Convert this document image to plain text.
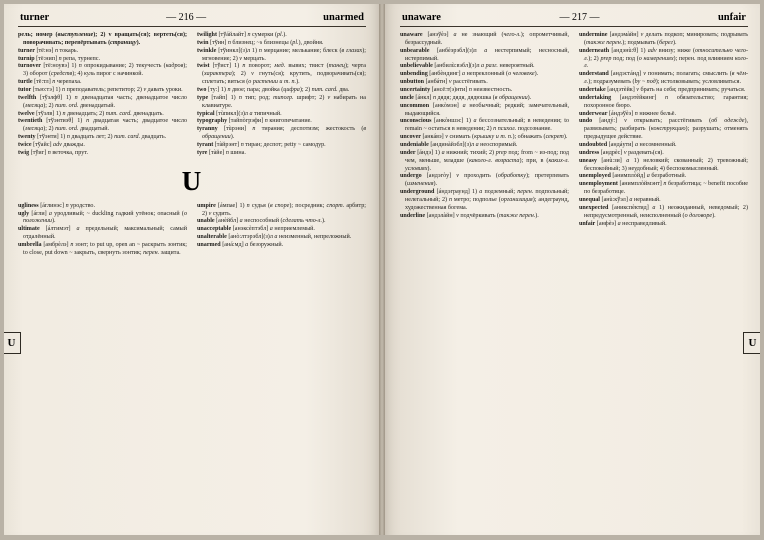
turner	— 216 —	unarmed
рель; номер (выступление); 2) v вращать(ся); вертеть(ся); поворачивать; перевёртывать (страницу).
turner [тё:нэ] n токарь.
turnip [тё:нип] n репа, турнепс.
turnover [тё:ноувэ] 1) n опрокидывание; 2) текучесть (кадров); 3) оборот (средств); 4) куль пирог с начинкой.
turtle [тё:тл] n черепаха.
tutor [тью:тэ] 1) n преподаватель; репетитор; 2) v давать уроки.
twelfth [тўэлфθ] 1) n двенадцатая часть; двенадцатое число (месяца); 2) num. ord. двенадцатый.
twelve [тўэлв] 1) n двенадцать; 2) num. card. двенадцать.
twentieth [тўэнтиэθ] 1) n двадцатая часть; двадцатое число (месяца); 2) num. ord. двадцатый.
twenty [тўэнти] 1) n двадцать лет; 2) num. card. двадцать.
twice [тўайс] adv дважды.
twig [тўиг] n веточка, прут.
twilight [тўáйлайт] n сумерки (pl.).
twin [тўин] n близнец; ~s близнецы (pl.), двойня.
twinkle [тўинкл](з)л 1) n мерцание; мелькание; блеск (в глазах); мгновение; 2) v мерцать.
twist [тўист] 1) n поворот; мед. вывих; твист (танец); черта (характера); 2) v гнуть(ся); крутить, подворачивать(ся); сплетать; виться (о растении и т. п.).
two [ту:] 1) n двое; пара; двойка (цифра); 2) num. card. два.
type [тайп] 1) n тип; род; типогр. шрифт; 2) v набирать на клавиатуре.
typical [тùпикл](з)л a типичный.
typography [тайпòгрэфи] n книгопечатание.
tyranny [тùрэни] n тирания; деспотизм; жестокость (в обращении).
tyrant [тàйрэнт] n тиран; деспот; petty ~ самодур.
tyre [тàйе] n шина.
U
ugliness [áглинэс] n уродство.
ugly [áгли] a уродливый; ~ duckling гадкий утёнок; опасный (о положении).
ultimate [áлтимэт] a предельный; максимальный; самый отдалённый.
umbrella [амбрèлэ] n зонт; to put up, open an ~ раскрыть зонтик; to close, put down ~ закрыть, свернуть зонтик; перен. защита.
umpire [áмпае] 1) n судья (в споре); посредник; спорт. арбитр; 2) v судить.
unable [анèйбл] a неспособный (сделать что-л.).
unacceptable [анэксèптэбл] a неприемлемый.
unalterable [анò:лтэрэбл](з)л a неизменный, непреложный.
unarmed [анá:мд] a безоружный.
U
unaware	— 217 —	unfair
unaware [анэўèэ] a не знающий (чего-л.); опрометчивый, безрассудный.
unbearable [анбèэрэбл](з)л a нестерпимый; несносный, истерпимый.
unbelievable [анбилù:вэбл](з)л a разг. невероятный.
unbending [анбèндинг] a непреклонный (о человеке).
unbutton [анбáтн] v расстёгивать.
uncertainty [ансё:т(э)нти] n неизвестность.
uncle [áнкл] n дядя; дядя, дядюшка (в обращении).
uncommon [анкòмэн] a необычный; редкий; замечательный, выдающийся.
unconscious [анкòншэс] 1) a бессознательный; в неведении; to remain ~ остаться в неведении; 2) n психол. подсознание.
uncover [анкáвэ] v снимать (крышку и т. п.); обнажать (секрет).
undeniable [андинàйэбл](з)л a неоспоримый.
under [áндэ] 1) a нижний; тихий; 2) prep под; from ~ из-под; под чем, меньше, младше (какого-л. возраста); при, в (каких-л. условиях).
undergo [андэгòу] v проходить (обработку); претерпевать (изменения).
underground [áндэграунд] 1) a подземный; перен. подпольный; нелегальный; 2) n метро; подполье (организация); андеграунд, художественная богема.
underline [андэлàйн] v подчёркивать (также перен.).
undermine [андэмàйн] v делать подкоп; минировать; подрывать (также перен.); подмывать (берег).
underneath [андэнù:θ] 1) adv внизу; ниже (относительно чего-л.); 2) prep под; под (о намерениях); перен. под влиянием кого-л.
understand [андэстáнд] v понимать; полагать; смыслить (в чём-л.); подразумевать (by ~ под); истолковывать; условливаться.
undertake [андэтèйк] v брать на себя; предпринимать; ручаться.
undertaking [андэтèйкинг] n обязательство; гарантия; похоронное бюро.
underwear [áндэўèэ] n нижнее бельё.
undo [андý:] v открывать; расстёгивать (об одежде), развязывать; разбирать (конструкцию); разрушать; отменять предыдущее действие.
undoubted [андáути] a несомненный.
undress [андрèс] v раздевать(ся).
uneasy [анù:зи] a 1) неловкий; скованный; 2) тревожный; беспокойный; 3) неудобный; 4) беспокомысленный.
unemployed [анимплòйд] a безработный.
unemployment [анимплòймэнт] n безработица; ~ benefit пособие по безработице.
unequal [анù:кўэл] a неравный.
unexpected [аникспèктид] a 1) неожиданный, неведомый; 2) непредусмотренный, неисполненный (о договоре).
unfair [анфèэ] a несправедливый.
U
